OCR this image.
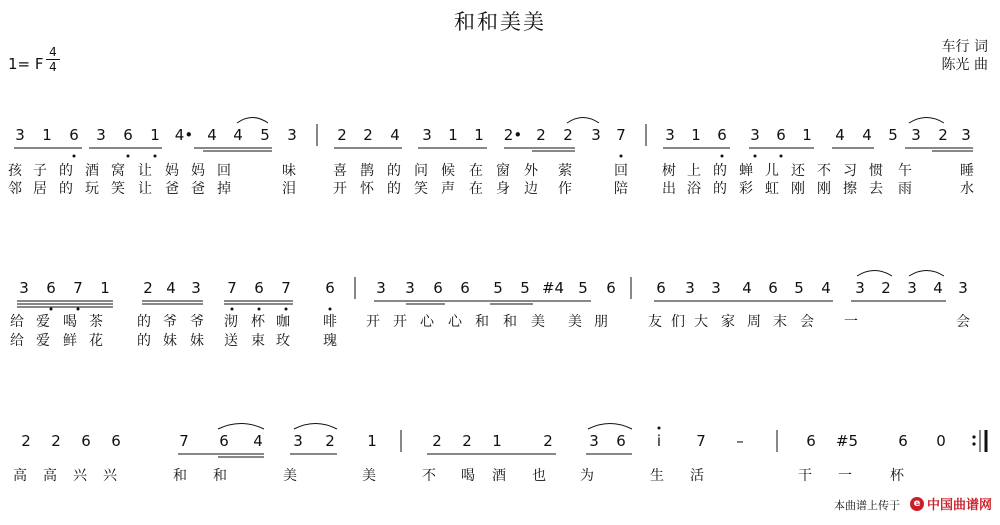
和和美美
1= F
4
4
车行 词
陈光 曲
3 1 6 3 6 1 4• 4 4 5 3	2 2 4 3 1 1 2• 2 2 3 7	3 1 6 3 6 1 4 4 5 3 2 3
孩 子 的 酒 窝 让 妈 妈 回	味	喜 鹊 的 问 候 在 窗 外 萦	回 树 上 的 蝉 儿 还 不 习 惯 午	睡
邻 居 的 玩 笑 让 爸 爸 掉	泪	开 怀 的 笑 声 在 身 边 作	陪 出 浴 的 彩 虹 刚 刚 擦 去 雨	水
3 6 7 1 2 4 3 7 6 7 6	3 3 6 6 5 5 #4 5 6	6 3 3 4 6 5 4 3 2 3 4 3
给 爱 喝 茶 的 爷 爷 沏 杯 咖 啡 开 开 心 心 和 和 美 美 朋	友 们 大 家 周 末 会 一	会
给 爱 鲜 花 的 妹 妹 送 束 玫 瑰
2 2 6 6	7 6 4 3 2 1	2 2 1	2 3 6 i 7 –	6 #5	6 0
高 高 兴 兴	和 和	美	美	不 喝 酒 也 为	生 活	干 一	杯
本曲谱上传于	e 中国曲谱网
